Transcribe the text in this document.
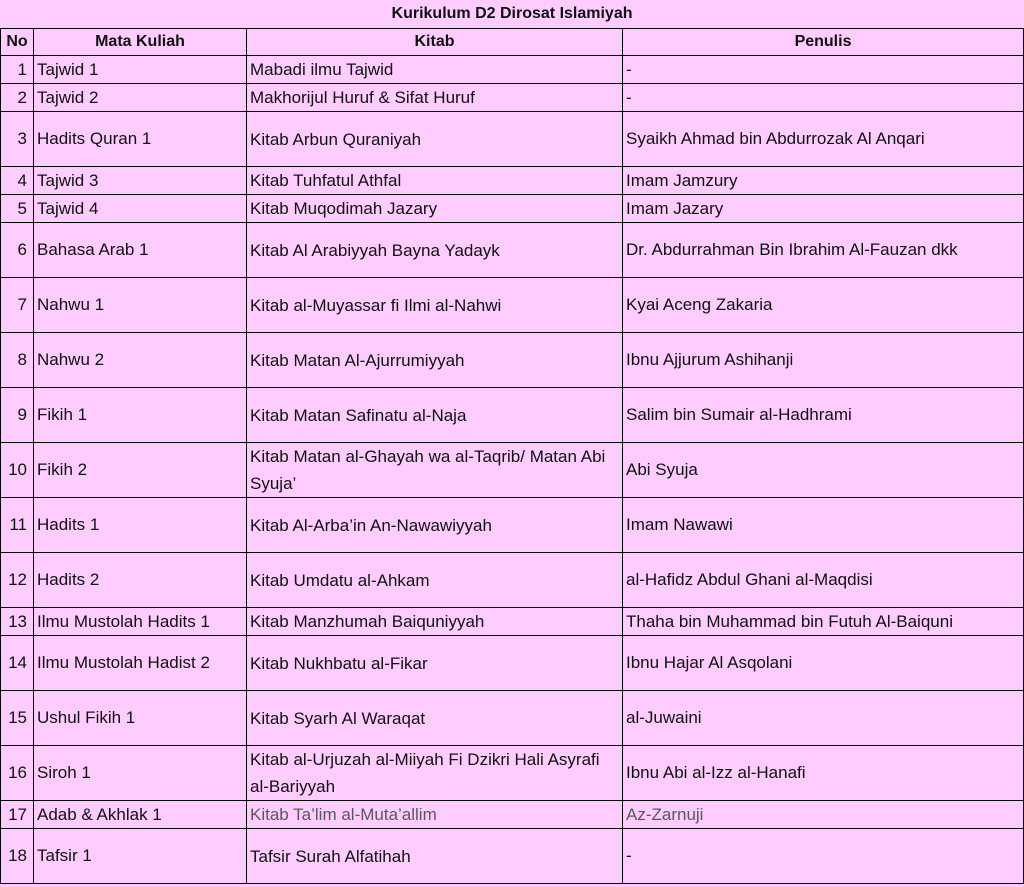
Kurikulum D2 Dirosat Islamiyah			
No	Mata Kuliah	Kitab	Penulis
1	Tajwid 1	Mabadi ilmu Tajwid	-
2	Tajwid 2	Makhorijul Huruf & Sifat Huruf	-
3	Hadits Quran 1	Kitab Arbun Quraniyah	Syaikh Ahmad bin Abdurrozak Al Anqari
4	Tajwid 3	Kitab Tuhfatul Athfal	Imam Jamzury
5	Tajwid 4	Kitab Muqodimah Jazary	Imam Jazary
6	Bahasa Arab 1	Kitab Al Arabiyyah Bayna Yadayk	Dr. Abdurrahman Bin Ibrahim Al-Fauzan dkk
7	Nahwu 1	Kitab al-Muyassar fi Ilmi al-Nahwi	Kyai Aceng Zakaria
8	Nahwu 2	Kitab Matan Al-Ajurrumiyyah	Ibnu Ajjurum Ashihanji
9	Fikih 1	Kitab Matan Safinatu al-Naja	Salim bin Sumair al-Hadhrami
10	Fikih 2	Kitab Matan al-Ghayah wa al-Taqrib/ Matan Abi Syuja’	Abi Syuja
11	Hadits 1	Kitab Al-Arba’in An-Nawawiyyah	Imam Nawawi
12	Hadits 2	Kitab Umdatu al-Ahkam	al-Hafidz Abdul Ghani al-Maqdisi
13	Ilmu Mustolah Hadits 1	Kitab Manzhumah Baiquniyyah	Thaha bin Muhammad bin Futuh Al-Baiquni
14	Ilmu Mustolah Hadist 2	Kitab Nukhbatu al-Fikar	Ibnu Hajar Al Asqolani
15	Ushul Fikih 1	Kitab Syarh Al Waraqat	al-Juwaini
16	Siroh 1	Kitab al-Urjuzah al-Miiyah Fi Dzikri Hali Asyrafi al-Bariyyah	Ibnu Abi al-Izz al-Hanafi
17	Adab & Akhlak 1	Kitab Ta’lim al-Muta’allim	Az-Zarnuji
18	Tafsir 1	Tafsir Surah Alfatihah	-
